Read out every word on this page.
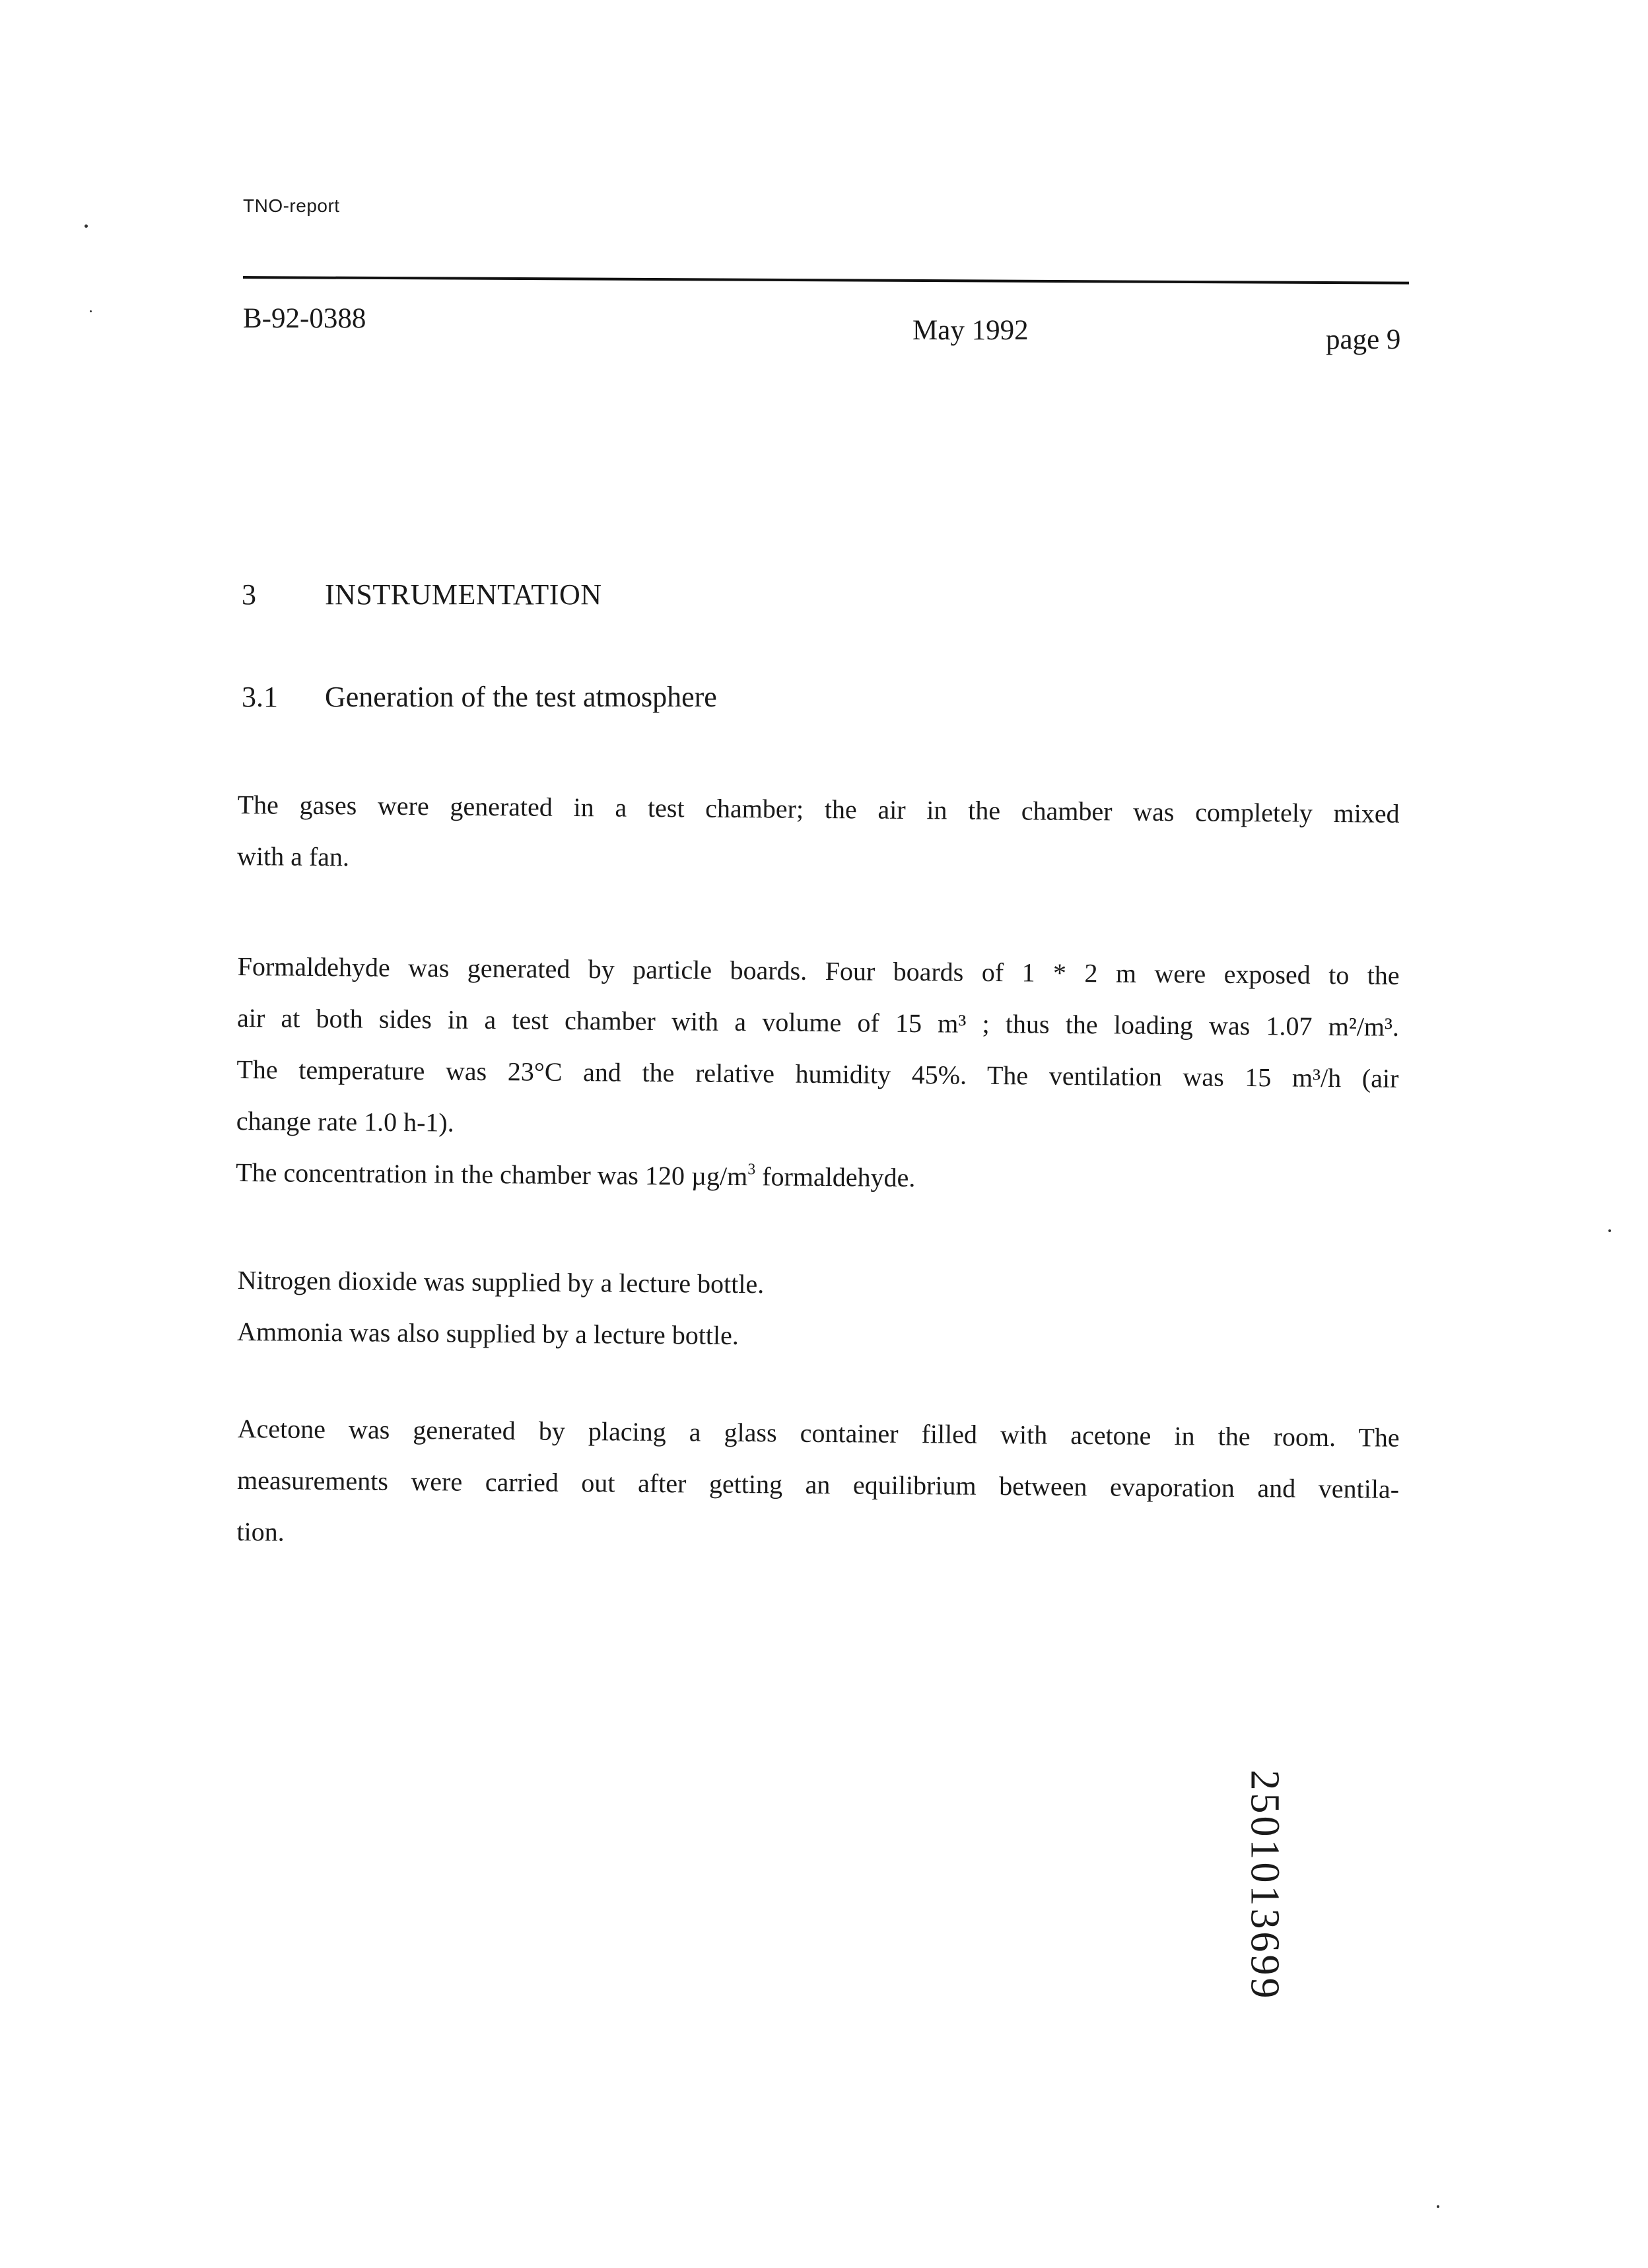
TNO-report
B-92-0388	May 1992	page 9
3 INSTRUMENTATION
3.1 Generation of the test atmosphere

The gases were generated in a test chamber; the air in the chamber was completely mixed

with a fan.

Formaldehyde was generated by particle boards. Four boards of 1 * 2 m were exposed to the

air at both sides in a test chamber with a volume of 15 m³ ; thus the loading was 1.07 m²/m³.

The temperature was 23°C and the relative humidity 45%. The ventilation was 15 m³/h (air

change rate 1.0 h-1).

The concentration in the chamber was 120 $\mu g/m^3$ formaldehyde.

Nitrogen dioxide was supplied by a lecture bottle.

Ammonia was also supplied by a lecture bottle.

Acetone was generated by placing a glass container filled with acetone in the room. The

measurements were carried out after getting an equilibrium between evaporation and ventila-

tion.

2501013699
